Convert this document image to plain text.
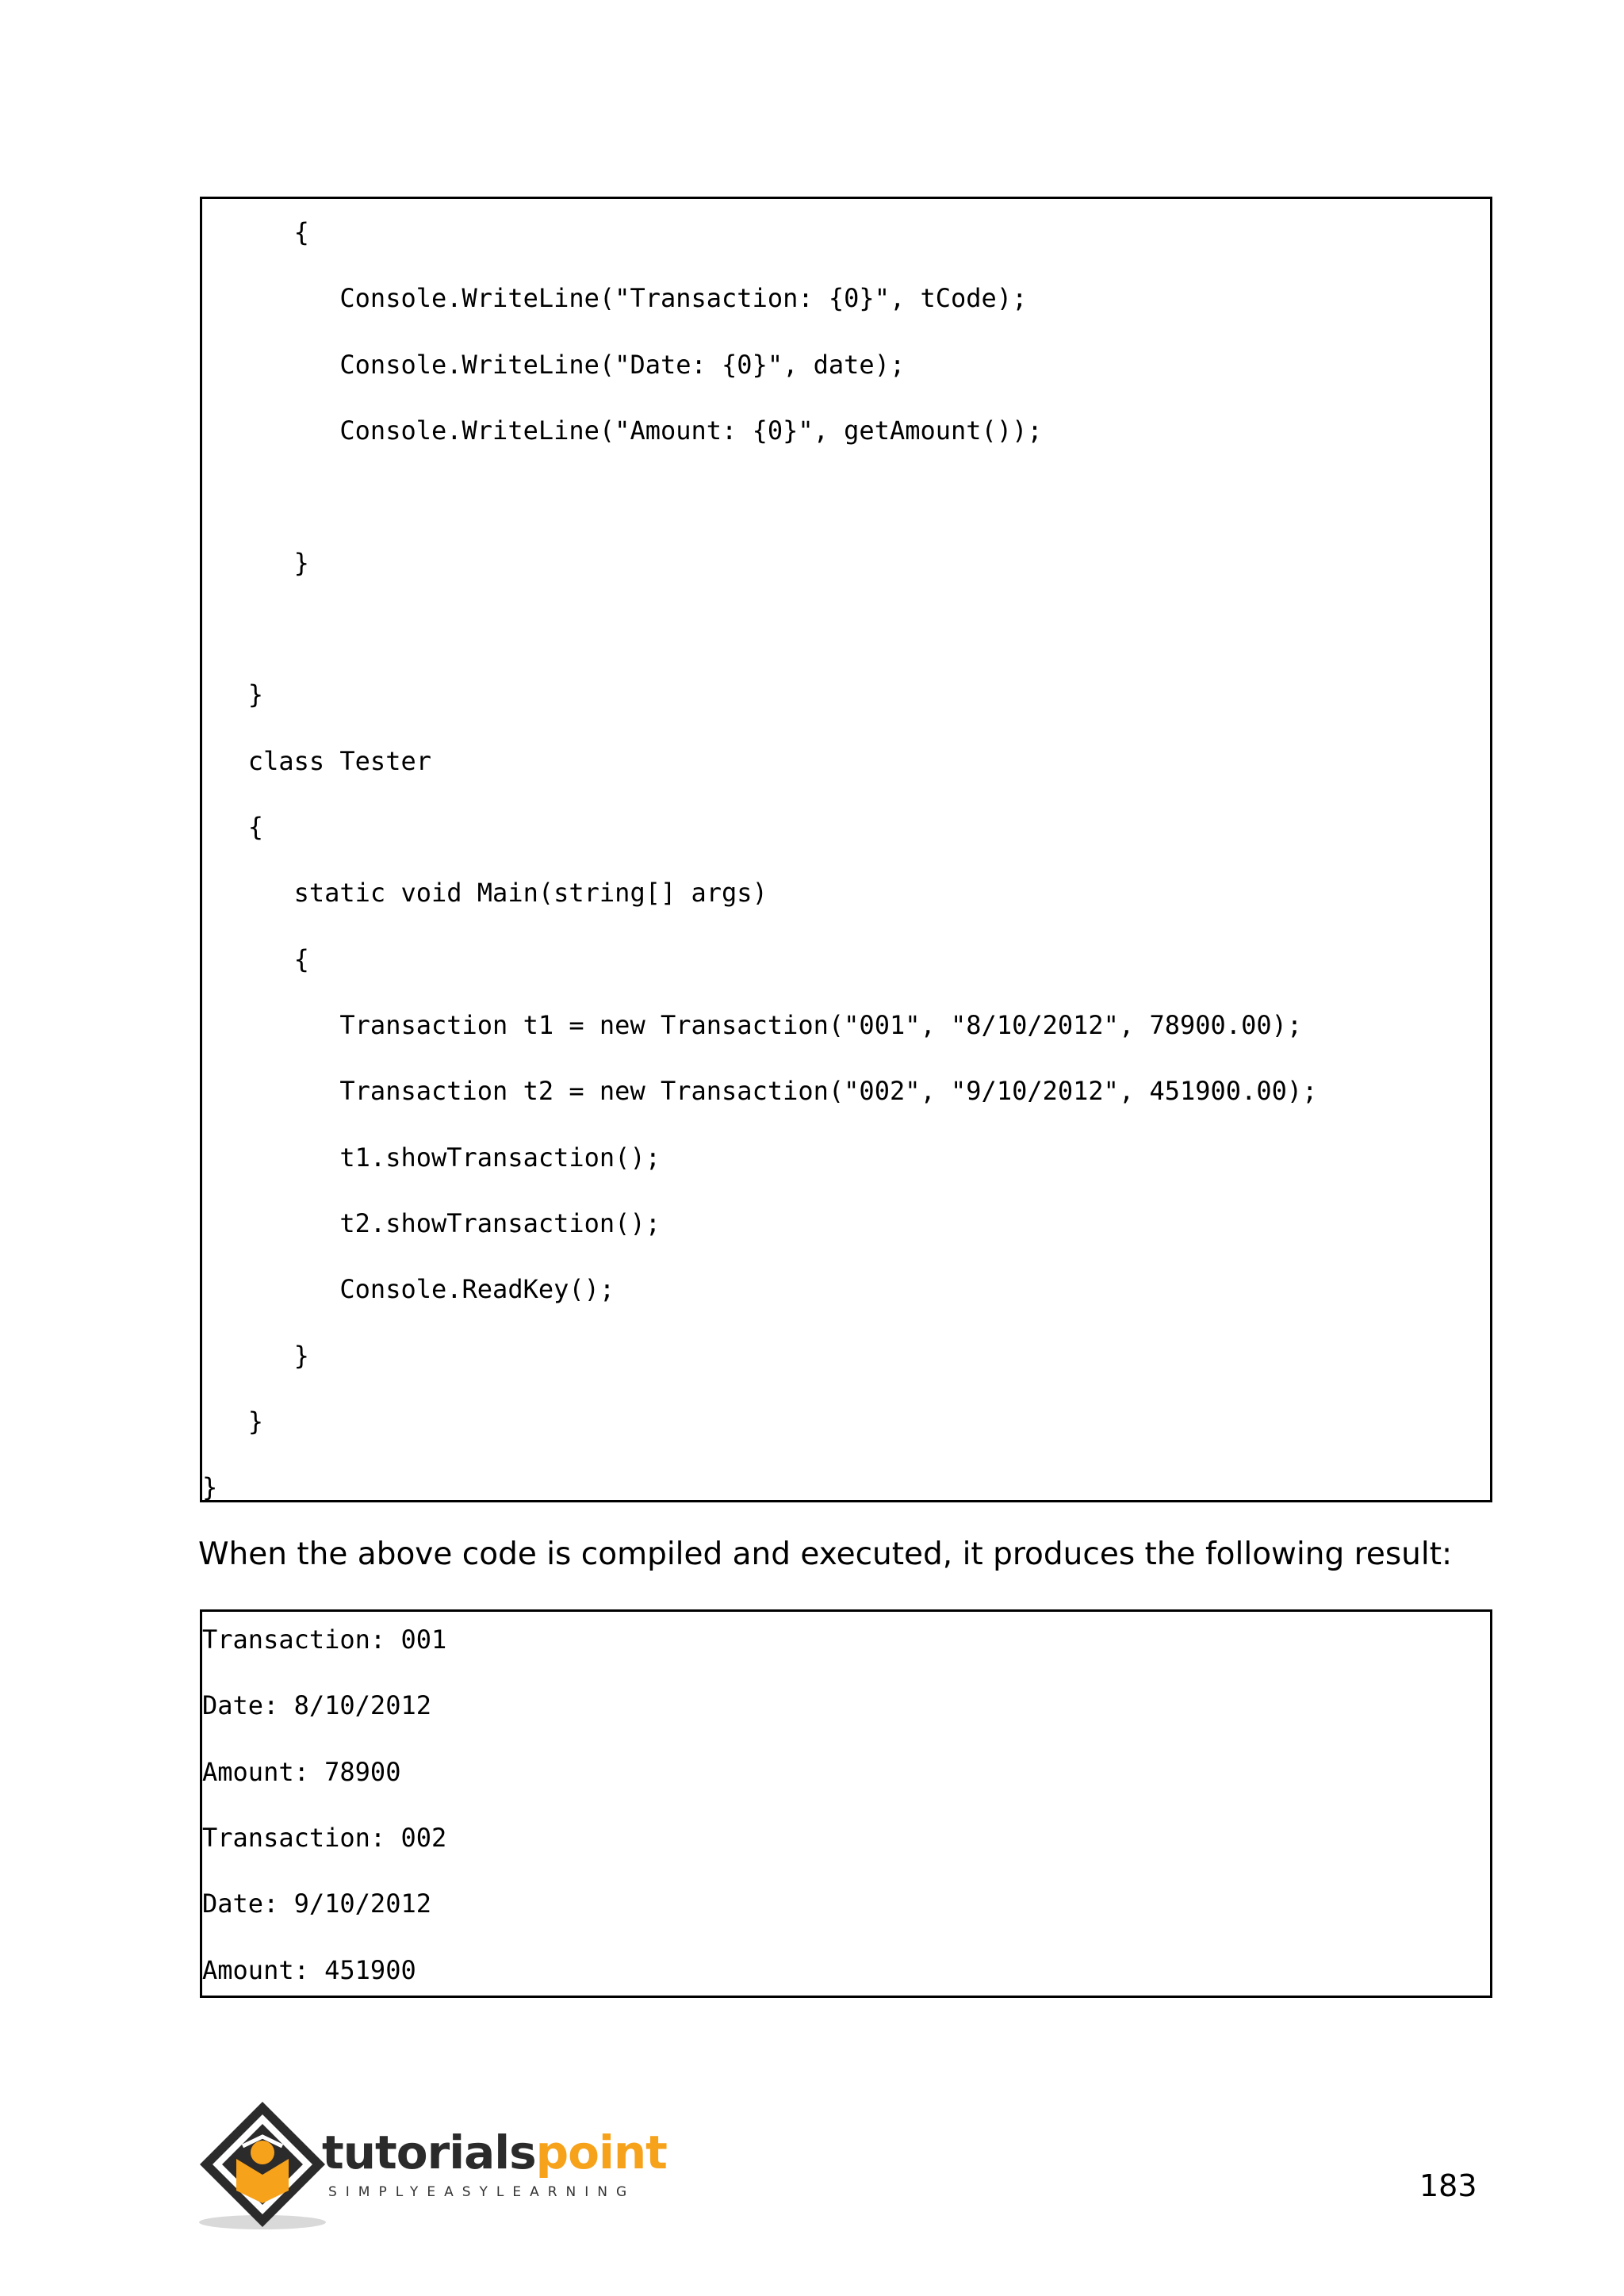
{
Console.WriteLine("Transaction: {0}", tCode);
Console.WriteLine("Date: {0}", date);
Console.WriteLine("Amount: {0}", getAmount());
}
}
class Tester
{
static void Main(string[] args)
{
Transaction t1 = new Transaction("001", "8/10/2012", 78900.00);
Transaction t2 = new Transaction("002", "9/10/2012", 451900.00);
t1.showTransaction();
t2.showTransaction();
Console.ReadKey();
}
}
}
When the above code is compiled and executed, it produces the following result:
Transaction: 001
Date: 8/10/2012
Amount: 78900
Transaction: 002
Date: 9/10/2012
Amount: 451900
tutorialspoint
SIMPLYEASYLEARNING	183
